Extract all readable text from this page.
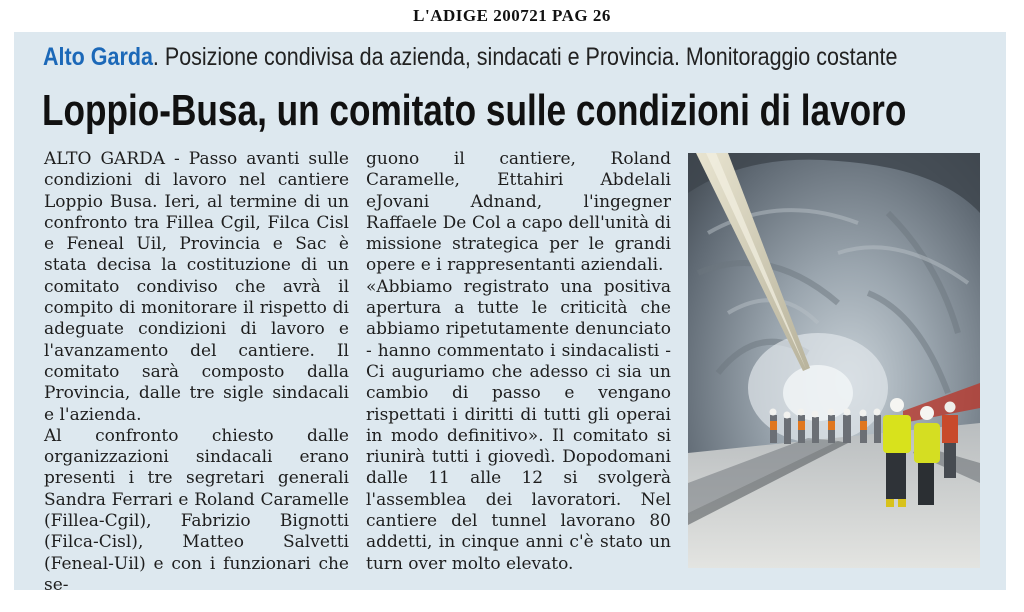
L'ADIGE 200721 PAG 26
Alto Garda. Posizione condivisa da azienda, sindacati e Provincia. Monitoraggio costante
Loppio-Busa, un comitato sulle condizioni di lavoro

ALTO GARDA - Passo avanti sulle condizioni di lavoro nel cantiere Loppio Busa. Ieri, al termine di un confronto tra Fillea Cgil, Filca Cisl e Feneal Uil, Provincia e Sac è stata decisa la costituzione di un comitato condiviso che avrà il compito di monitorare il rispetto di adeguate condizioni di lavoro e l'avanzamento del cantiere. Il comitato sarà composto dalla Provincia, dalle tre sigle sindacali e l'azienda.

Al confronto chiesto dalle organizzazioni sindacali erano presenti i tre segretari generali Sandra Ferrari e Roland Caramelle (Fillea-Cgil), Fabrizio Bignotti (Filca-Cisl), Matteo Salvetti (Feneal-Uil) e con i funzionari che se-

guono il cantiere, Roland Caramelle, Ettahiri Abdelali eJovani Adnand, l'ingegner Raffaele De Col a capo dell'unità di missione strategica per le grandi opere e i rappresentanti aziendali.

«Abbiamo registrato una positiva apertura a tutte le criticità che abbiamo ripetutamente denunciato - hanno commentato i sindacalisti - Ci auguriamo che adesso ci sia un cambio di passo e vengano rispettati i diritti di tutti gli operai in modo definitivo». Il comitato si riunirà tutti i giovedì. Dopodomani dalle 11 alle 12 si svolgerà l'assemblea dei lavoratori. Nel cantiere del tunnel lavorano 80 addetti, in cinque anni c'è stato un turn over molto elevato.
